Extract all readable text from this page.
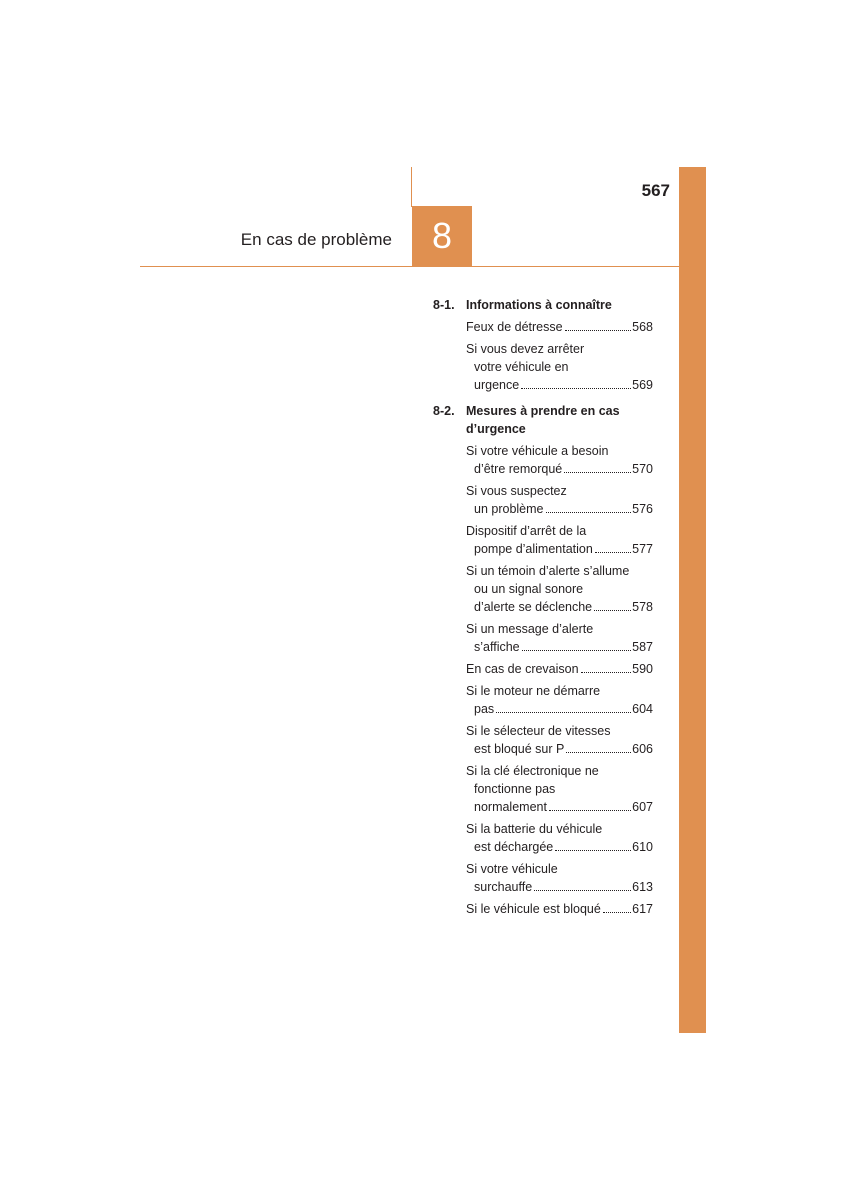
567
8
En cas de problème
8-1. Informations à connaître
Feux de détresse	568
Si vous devez arrêter
votre véhicule en
urgence	569
8-2. Mesures à prendre en cas
d’urgence
Si votre véhicule a besoin
d’être remorqué	570
Si vous suspectez
un problème	576
Dispositif d’arrêt de la
pompe d’alimentation	577
Si un témoin d’alerte s’allume
ou un signal sonore
d’alerte se déclenche	578
Si un message d’alerte
s’affiche	587
En cas de crevaison	590
Si le moteur ne démarre
pas	604
Si le sélecteur de vitesses
est bloqué sur P	606
Si la clé électronique ne
fonctionne pas
normalement	607
Si la batterie du véhicule
est déchargée	610
Si votre véhicule
surchauffe	613
Si le véhicule est bloqué	617
